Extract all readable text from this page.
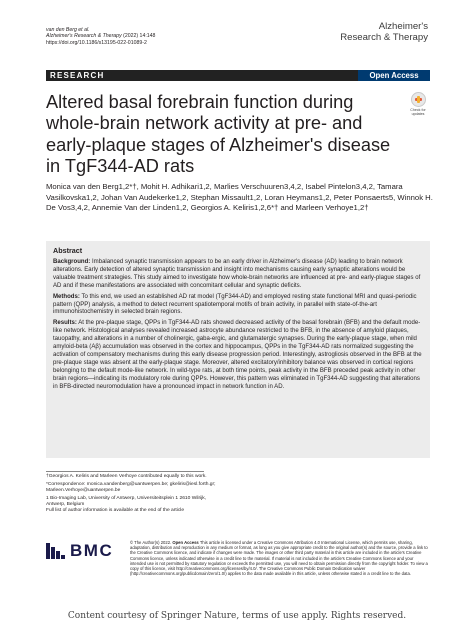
van den Berg et al.
Alzheimer's Research & Therapy (2022) 14:148
https://doi.org/10.1186/s13195-022-01089-2
Alzheimer's
Research & Therapy
RESEARCH	Open Access
Altered basal forebrain function during whole-brain network activity at pre- and early-plaque stages of Alzheimer's disease in TgF344-AD rats
Check for updates
Monica van den Berg1,2*†, Mohit H. Adhikari1,2, Marlies Verschuuren3,4,2, Isabel Pintelon3,4,2, Tamara Vasilkovska1,2, Johan Van Audekerke1,2, Stephan Missault1,2, Loran Heymans1,2, Peter Ponsaerts5, Winnok H. De Vos3,4,2, Annemie Van der Linden1,2, Georgios A. Keliris1,2,6*† and Marleen Verhoye1,2†
Abstract

Background: Imbalanced synaptic transmission appears to be an early driver in Alzheimer's disease (AD) leading to brain network alterations. Early detection of altered synaptic transmission and insight into mechanisms causing early synaptic alterations would be valuable treatment strategies. This study aimed to investigate how whole-brain networks are influenced at pre- and early-plague stages of AD and if these manifestations are associated with concomitant cellular and synaptic deficits.

Methods: To this end, we used an established AD rat model (TgF344-AD) and employed resting state functional MRI and quasi-periodic pattern (QPP) analysis, a method to detect recurrent spatiotemporal motifs of brain activity, in parallel with state-of-the-art immunohistochemistry in selected brain regions.

Results: At the pre-plaque stage, QPPs in TgF344-AD rats showed decreased activity of the basal forebrain (BFB) and the default mode-like network. Histological analyses revealed increased astrocyte abundance restricted to the BFB, in the absence of amyloid plaques, tauopathy, and alterations in a number of cholinergic, gaba-ergic, and glutamatergic synapses. During the early-plaque stage, when mild amyloid-beta (Aβ) accumulation was observed in the cortex and hippocampus, QPPs in the TgF344-AD rats normalized suggesting the activation of compensatory mechanisms during this early disease progression period. Interestingly, astrogliosis observed in the BFB at the pre-plaque stage was absent at the early-plaque stage. Moreover, altered excitatory/inhibitory balance was observed in cortical regions belonging to the default mode-like network. In wild-type rats, at both time points, peak activity in the BFB preceded peak activity in other brain regions—indicating its modulatory role during QPPs. However, this pattern was eliminated in TgF344-AD suggesting that alterations in BFB-directed neuromodulation have a pronounced impact in network function in AD.

†Georgios A. Keliris and Marleen Verhoye contributed equally to this work.

*Correspondence: monica.vandenberg@uantwerpen.be; gkeliris@iesl.forth.gr;
Marleen.Verhoye@uantwerpen.be

1 Bio-Imaging Lab, University of Antwerp, Universiteitsplein 1 2610 Wilrijk,
Antwerp, Belgium
Full list of author information is available at the end of the article

BMC	© The Author(s) 2022. Open Access This article is licensed under a Creative Commons Attribution 4.0 International License, which permits use, sharing, adaptation, distribution and reproduction in any medium or format, as long as you give appropriate credit to the original author(s) and the source, provide a link to the Creative Commons licence, and indicate if changes were made. The images or other third party material in this article are included in the article's Creative Commons licence, unless indicated otherwise in a credit line to the material. If material is not included in the article's Creative Commons licence and your intended use is not permitted by statutory regulation or exceeds the permitted use, you will need to obtain permission directly from the copyright holder. To view a copy of this licence, visit http://creativecommons.org/licenses/by/4.0/. The Creative Commons Public Domain Dedication waiver (http://creativecommons.org/publicdomain/zero/1.0/) applies to the data made available in this article, unless otherwise stated in a credit line to the data.
Content courtesy of Springer Nature, terms of use apply. Rights reserved.
